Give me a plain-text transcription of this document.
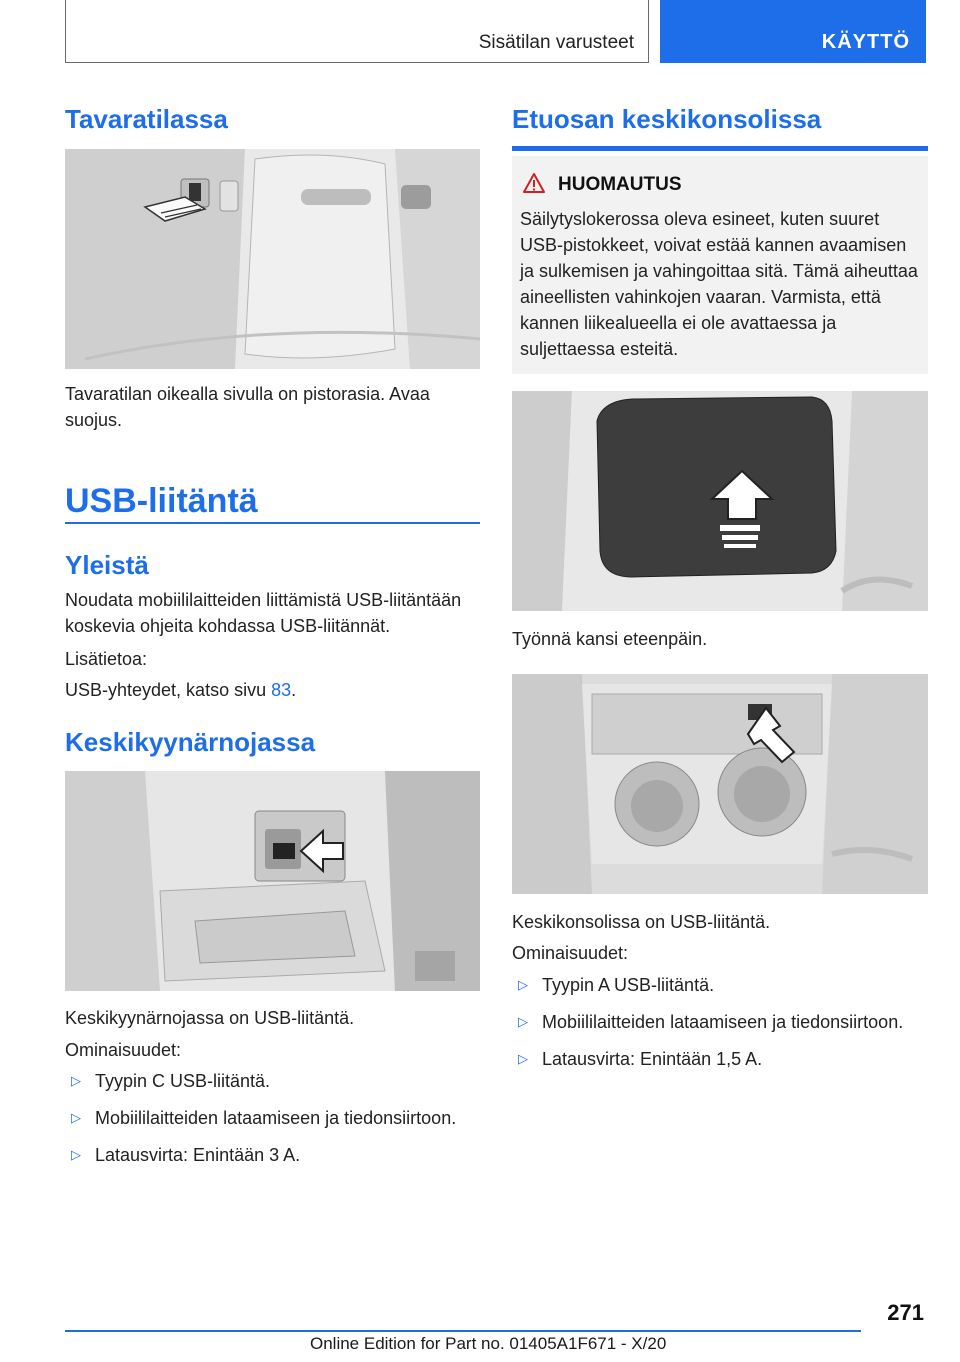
Sisätilan varusteet	KÄYTTÖ
Tavaratilassa

Tavaratilan oikealla sivulla on pistorasia. Avaa suojus.

USB-liitäntä
Yleistä

Noudata mobiililaitteiden liittämistä USB-liitäntään koskevia ohjeita kohdassa USB-liitännät.

Lisätietoa:

USB-yhteydet, katso sivu 83.

Keskikyynärnojassa

Keskikyynärnojassa on USB-liitäntä.

Ominaisuudet:

▷ Tyypin C USB-liitäntä.
▷ Mobiililaitteiden lataamiseen ja tiedonsiirtoon.
▷ Latausvirta: Enintään 3 A.
Etuosan keskikonsolissa
HUOMAUTUS
Säilytyslokerossa oleva esineet, kuten suuret USB-pistokkeet, voivat estää kannen avaamisen ja sulkemisen ja vahingoittaa sitä. Tämä aiheuttaa aineellisten vahinkojen vaaran. Varmista, että kannen liikealueella ei ole avattaessa ja suljettaessa esteitä.

Työnnä kansi eteenpäin.

Keskikonsolissa on USB-liitäntä.

Ominaisuudet:

▷ Tyypin A USB-liitäntä.
▷ Mobiililaitteiden lataamiseen ja tiedonsiirtoon.
▷ Latausvirta: Enintään 1,5 A.
271
Online Edition for Part no. 01405A1F671 - X/20
